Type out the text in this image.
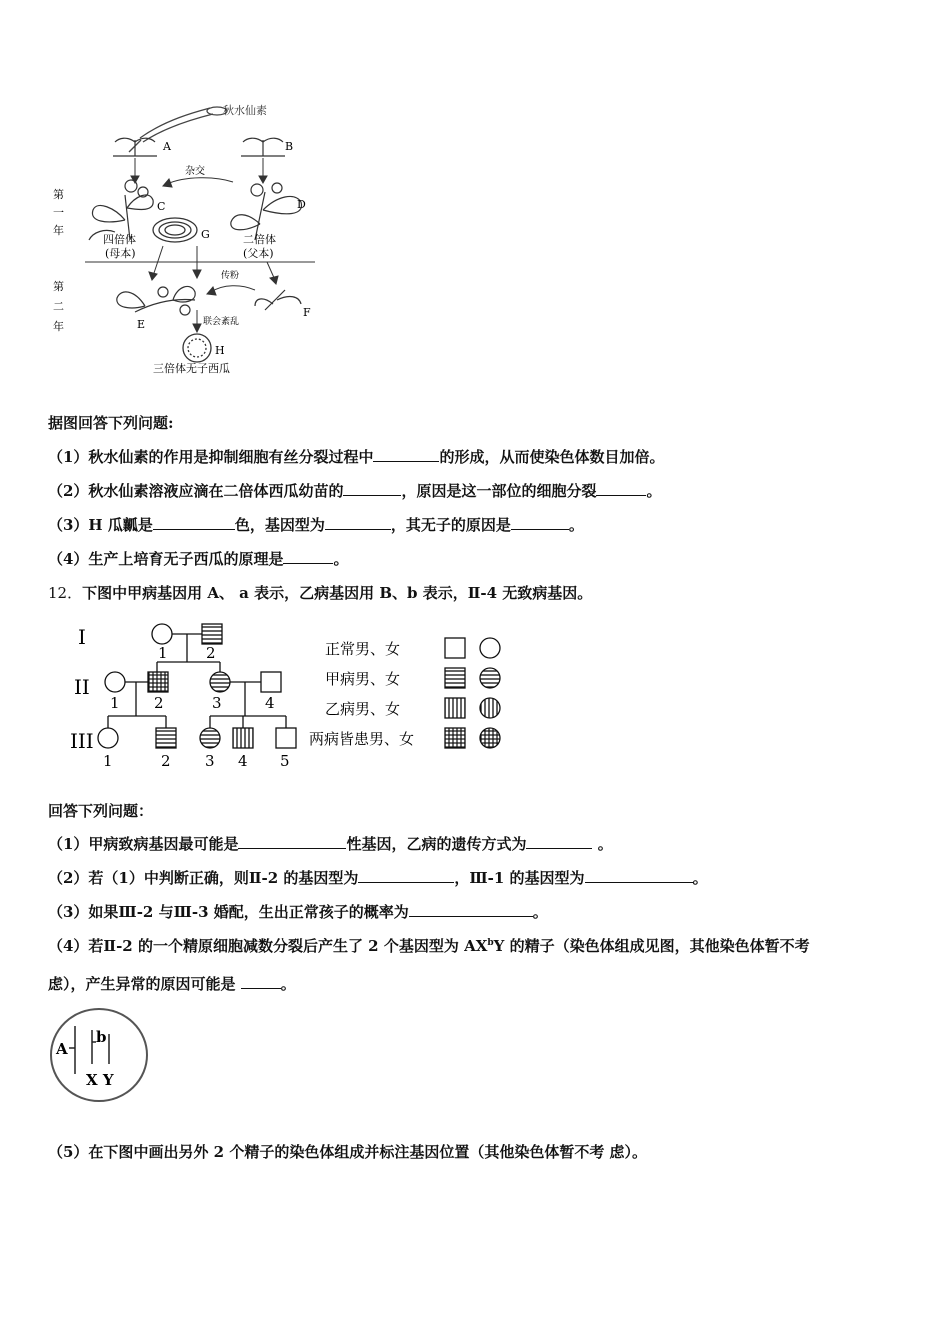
秋水仙素
A	B
杂交
第
一
年
C
G
D
四倍体
(母本)
二倍体
(父本)
第
二
年
传粉
E
F
联会紊乱
H
三倍体无子西瓜
据图回答下列问题:
（1）秋水仙素的作用是抑制细胞有丝分裂过程中	的形成，从而使染色体数目加倍。
（2）秋水仙素溶液应滴在二倍体西瓜幼苗的	，原因是这一部位的细胞分裂	。
（3）H 瓜瓤是	色，基因型为	，其无子的原因是	。
（4）生产上培育无子西瓜的原理是	。
12．下图中甲病基因用 A、 a 表示，乙病基因用 B、b 表示，Ⅱ-4 无致病基因。
I
II
III
1	2
1 2	3	4
1	2 3 4 5
正常男、女
甲病男、女
乙病男、女
两病皆患男、女
回答下列问题：
（1）甲病致病基因最可能是	性基因，乙病的遗传方式为	。
（2）若（1）中判断正确，则Ⅱ-2 的基因型为	，Ⅲ-1 的基因型为	。
（3）如果Ⅲ-2 与Ⅲ-3 婚配，生出正常孩子的概率为	。
（4）若Ⅱ-2 的一个精原细胞减数分裂后产生了 2 个基因型为 $AX^bY$ 的精子（染色体组成见图，其他染色体暂不考
虑），产生异常的原因可能是	。
A
b
X Y
（5）在下图中画出另外 2 个精子的染色体组成并标注基因位置（其他染色体暂不考 虑）。
